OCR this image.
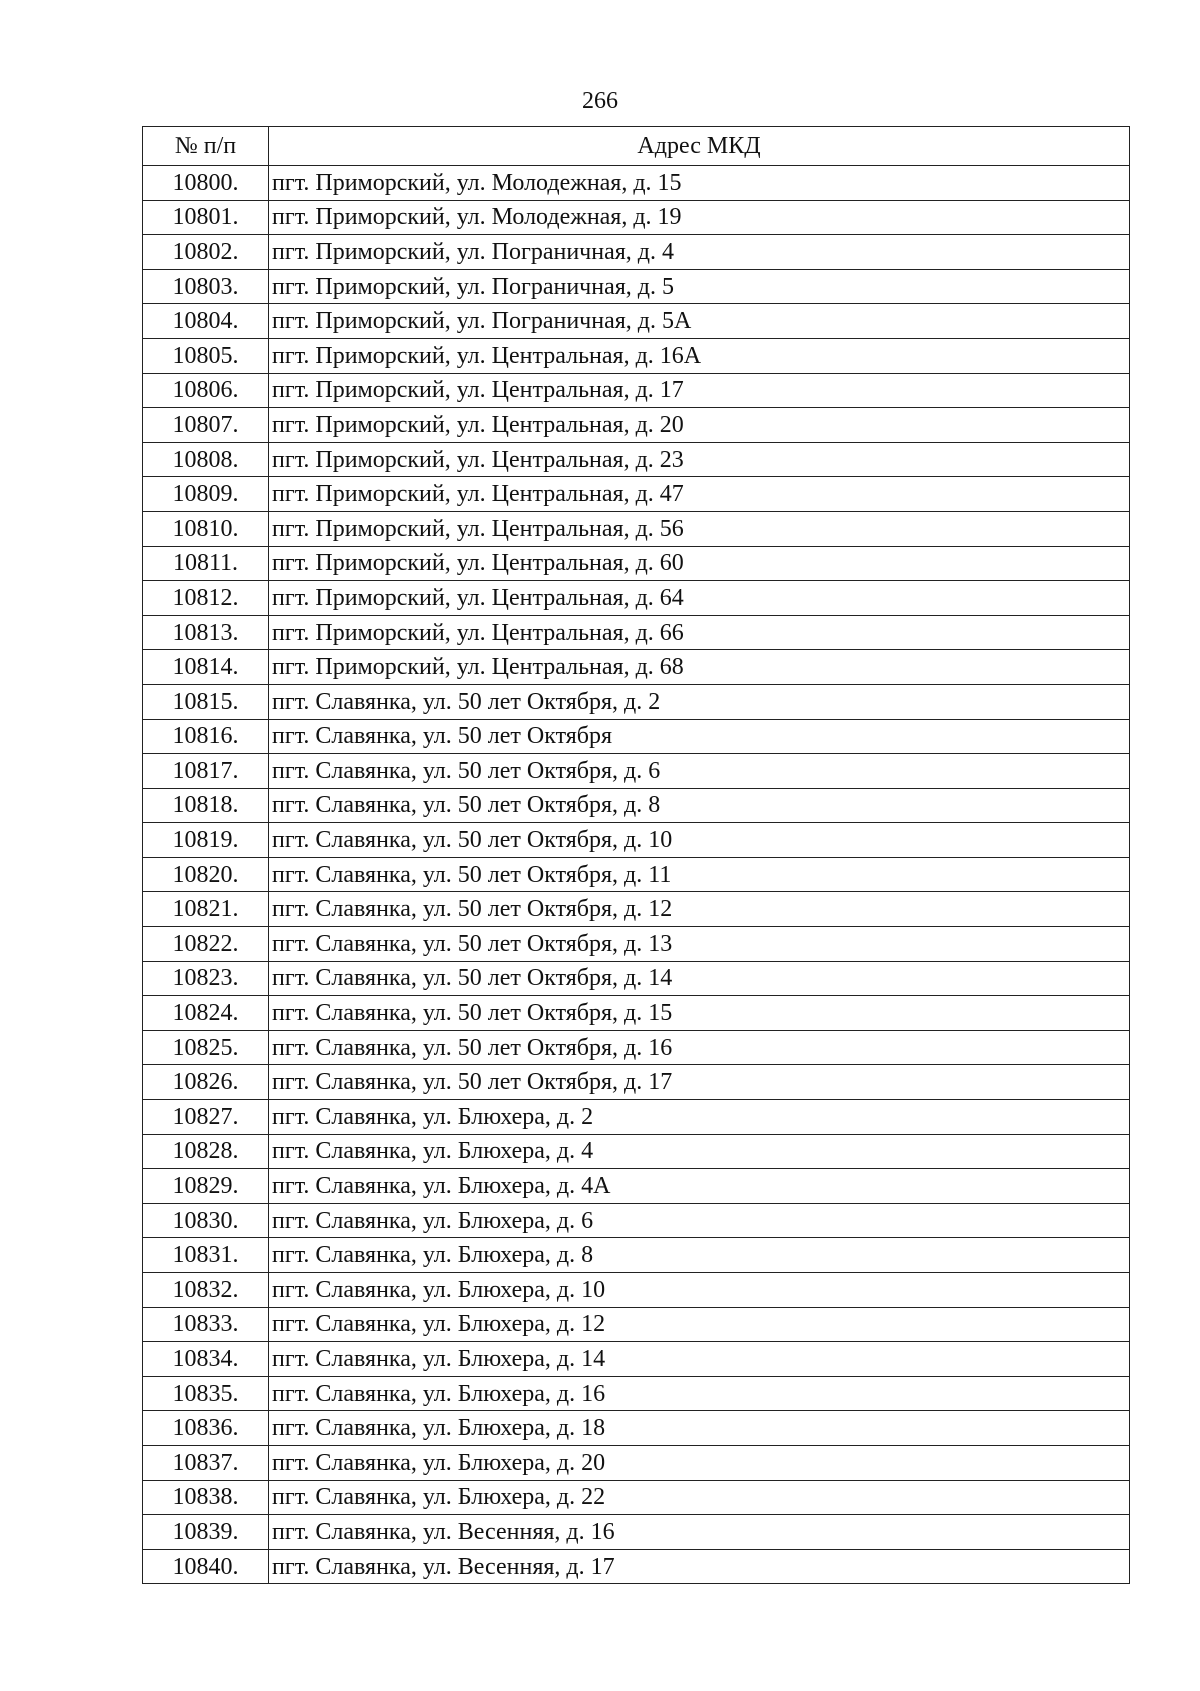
266
№ п/п	Адрес МКД
10800.	пгт. Приморский, ул. Молодежная, д. 15
10801.	пгт. Приморский, ул. Молодежная, д. 19
10802.	пгт. Приморский, ул. Пограничная, д. 4
10803.	пгт. Приморский, ул. Пограничная, д. 5
10804.	пгт. Приморский, ул. Пограничная, д. 5А
10805.	пгт. Приморский, ул. Центральная, д. 16А
10806.	пгт. Приморский, ул. Центральная, д. 17
10807.	пгт. Приморский, ул. Центральная, д. 20
10808.	пгт. Приморский, ул. Центральная, д. 23
10809.	пгт. Приморский, ул. Центральная, д. 47
10810.	пгт. Приморский, ул. Центральная, д. 56
10811.	пгт. Приморский, ул. Центральная, д. 60
10812.	пгт. Приморский, ул. Центральная, д. 64
10813.	пгт. Приморский, ул. Центральная, д. 66
10814.	пгт. Приморский, ул. Центральная, д. 68
10815.	пгт. Славянка, ул. 50 лет Октября, д. 2
10816.	пгт. Славянка, ул. 50 лет Октября
10817.	пгт. Славянка, ул. 50 лет Октября, д. 6
10818.	пгт. Славянка, ул. 50 лет Октября, д. 8
10819.	пгт. Славянка, ул. 50 лет Октября, д. 10
10820.	пгт. Славянка, ул. 50 лет Октября, д. 11
10821.	пгт. Славянка, ул. 50 лет Октября, д. 12
10822.	пгт. Славянка, ул. 50 лет Октября, д. 13
10823.	пгт. Славянка, ул. 50 лет Октября, д. 14
10824.	пгт. Славянка, ул. 50 лет Октября, д. 15
10825.	пгт. Славянка, ул. 50 лет Октября, д. 16
10826.	пгт. Славянка, ул. 50 лет Октября, д. 17
10827.	пгт. Славянка, ул. Блюхера, д. 2
10828.	пгт. Славянка, ул. Блюхера, д. 4
10829.	пгт. Славянка, ул. Блюхера, д. 4А
10830.	пгт. Славянка, ул. Блюхера, д. 6
10831.	пгт. Славянка, ул. Блюхера, д. 8
10832.	пгт. Славянка, ул. Блюхера, д. 10
10833.	пгт. Славянка, ул. Блюхера, д. 12
10834.	пгт. Славянка, ул. Блюхера, д. 14
10835.	пгт. Славянка, ул. Блюхера, д. 16
10836.	пгт. Славянка, ул. Блюхера, д. 18
10837.	пгт. Славянка, ул. Блюхера, д. 20
10838.	пгт. Славянка, ул. Блюхера, д. 22
10839.	пгт. Славянка, ул. Весенняя, д. 16
10840.	пгт. Славянка, ул. Весенняя, д. 17
